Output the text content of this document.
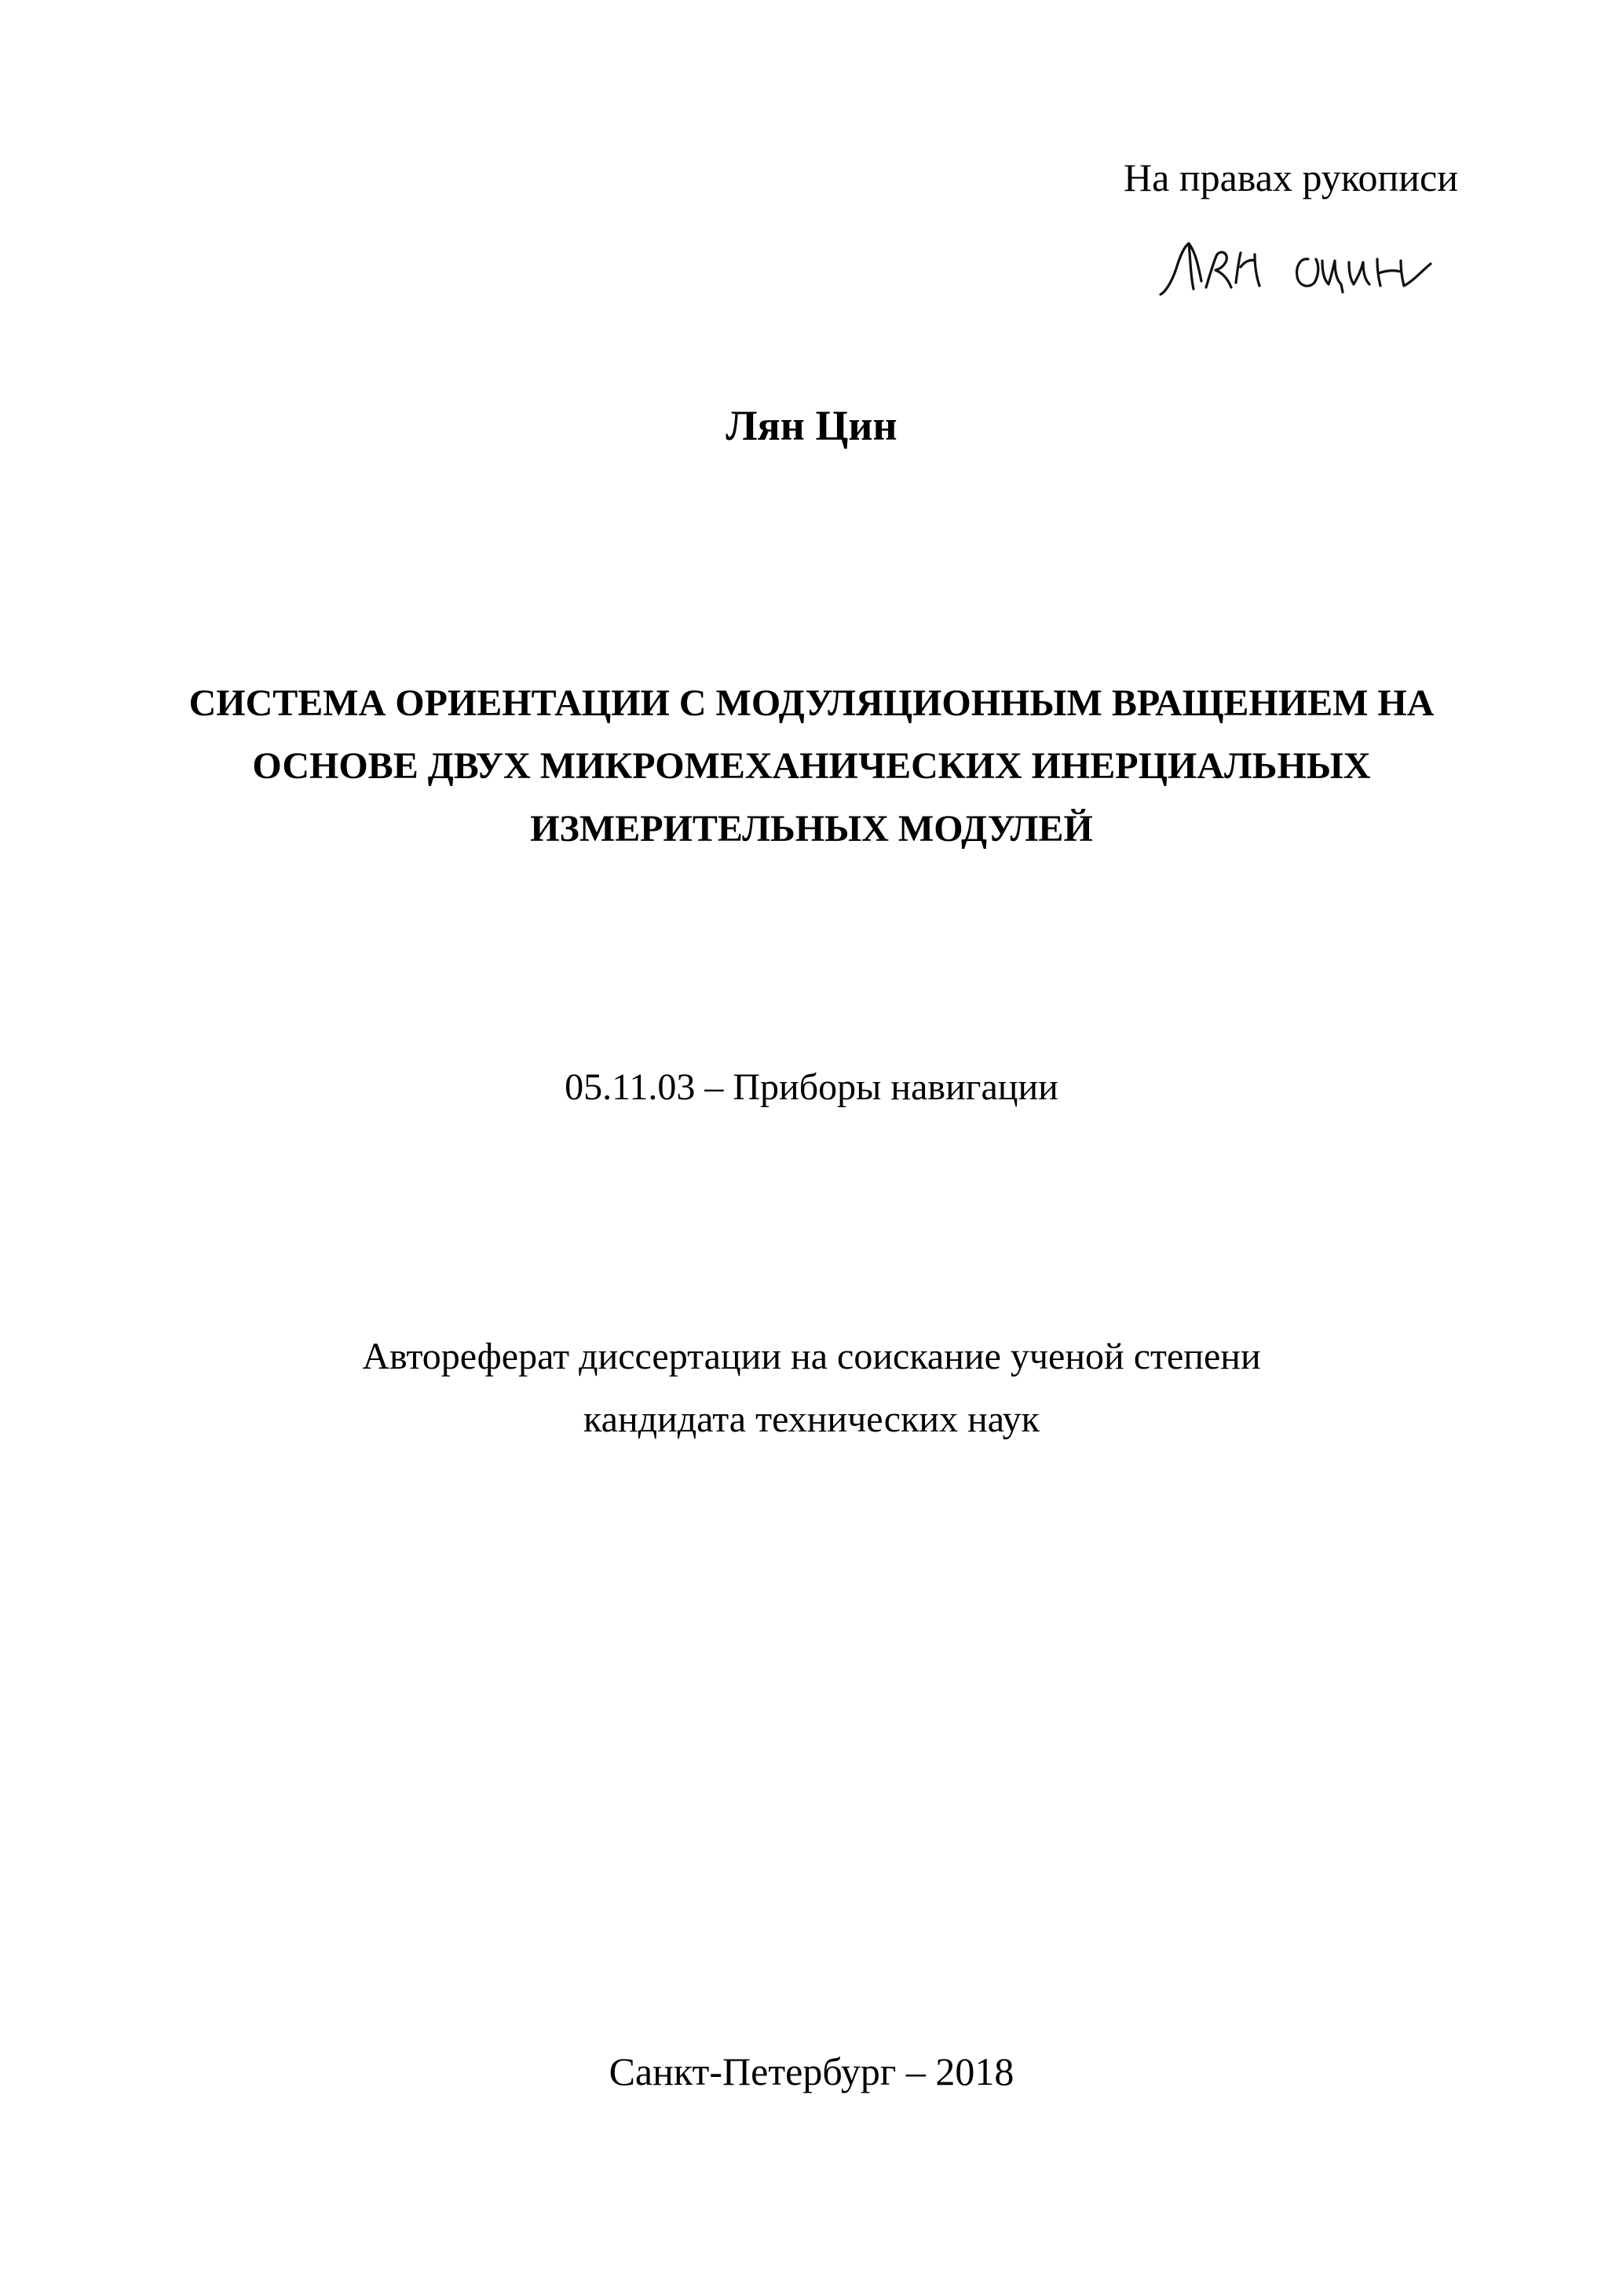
На правах рукописи
Лян Цин
СИСТЕМА ОРИЕНТАЦИИ С МОДУЛЯЦИОННЫМ ВРАЩЕНИЕМ НА
ОСНОВЕ ДВУХ МИКРОМЕХАНИЧЕСКИХ ИНЕРЦИАЛЬНЫХ
ИЗМЕРИТЕЛЬНЫХ МОДУЛЕЙ
05.11.03 – Приборы навигации
Автореферат диссертации на соискание ученой степени
кандидата технических наук
Санкт-Петербург – 2018
